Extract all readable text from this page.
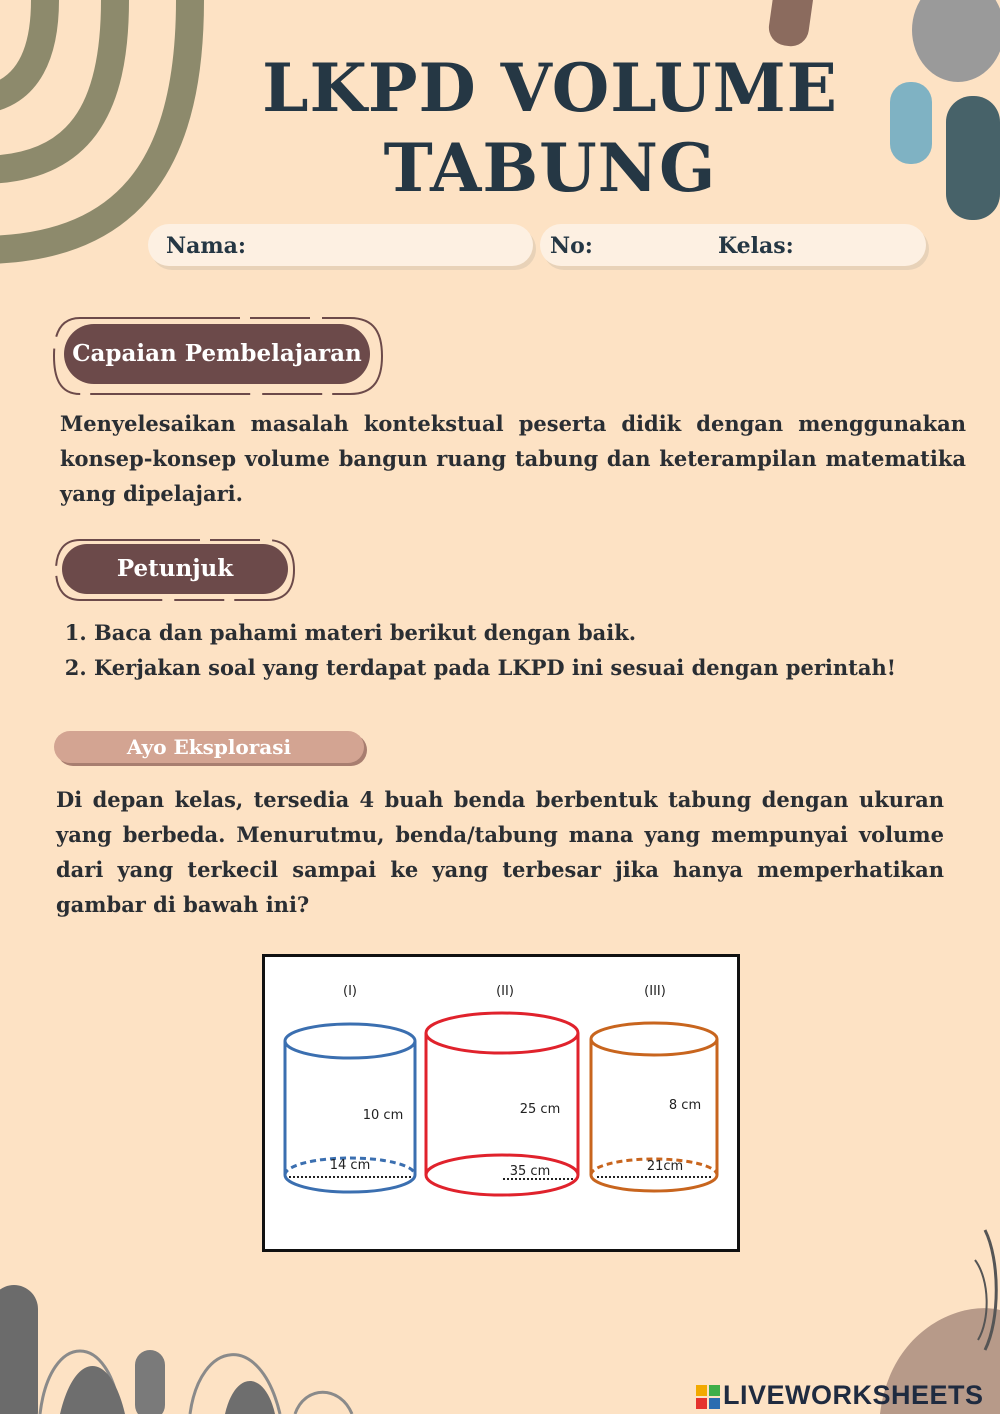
LKPD VOLUME
TABUNG
Nama:	No:	Kelas:
Capaian Pembelajaran

Menyelesaikan masalah kontekstual peserta didik dengan menggunakan konsep-konsep volume bangun ruang tabung dan keterampilan matematika yang dipelajari.

Petunjuk
1. Baca dan pahami materi berikut dengan baik.
2. Kerjakan soal yang terdapat pada LKPD ini sesuai dengan perintah!
Ayo Eksplorasi

Di depan kelas, tersedia 4 buah benda berbentuk tabung dengan ukuran yang berbeda. Menurutmu, benda/tabung mana yang mempunyai volume dari yang terkecil sampai ke yang terbesar jika hanya memperhatikan gambar di bawah ini?

(I)
10 cm
14 cm
(II)
25 cm
35 cm
(III)
8 cm
21cm
LIVEWORKSHEETS
